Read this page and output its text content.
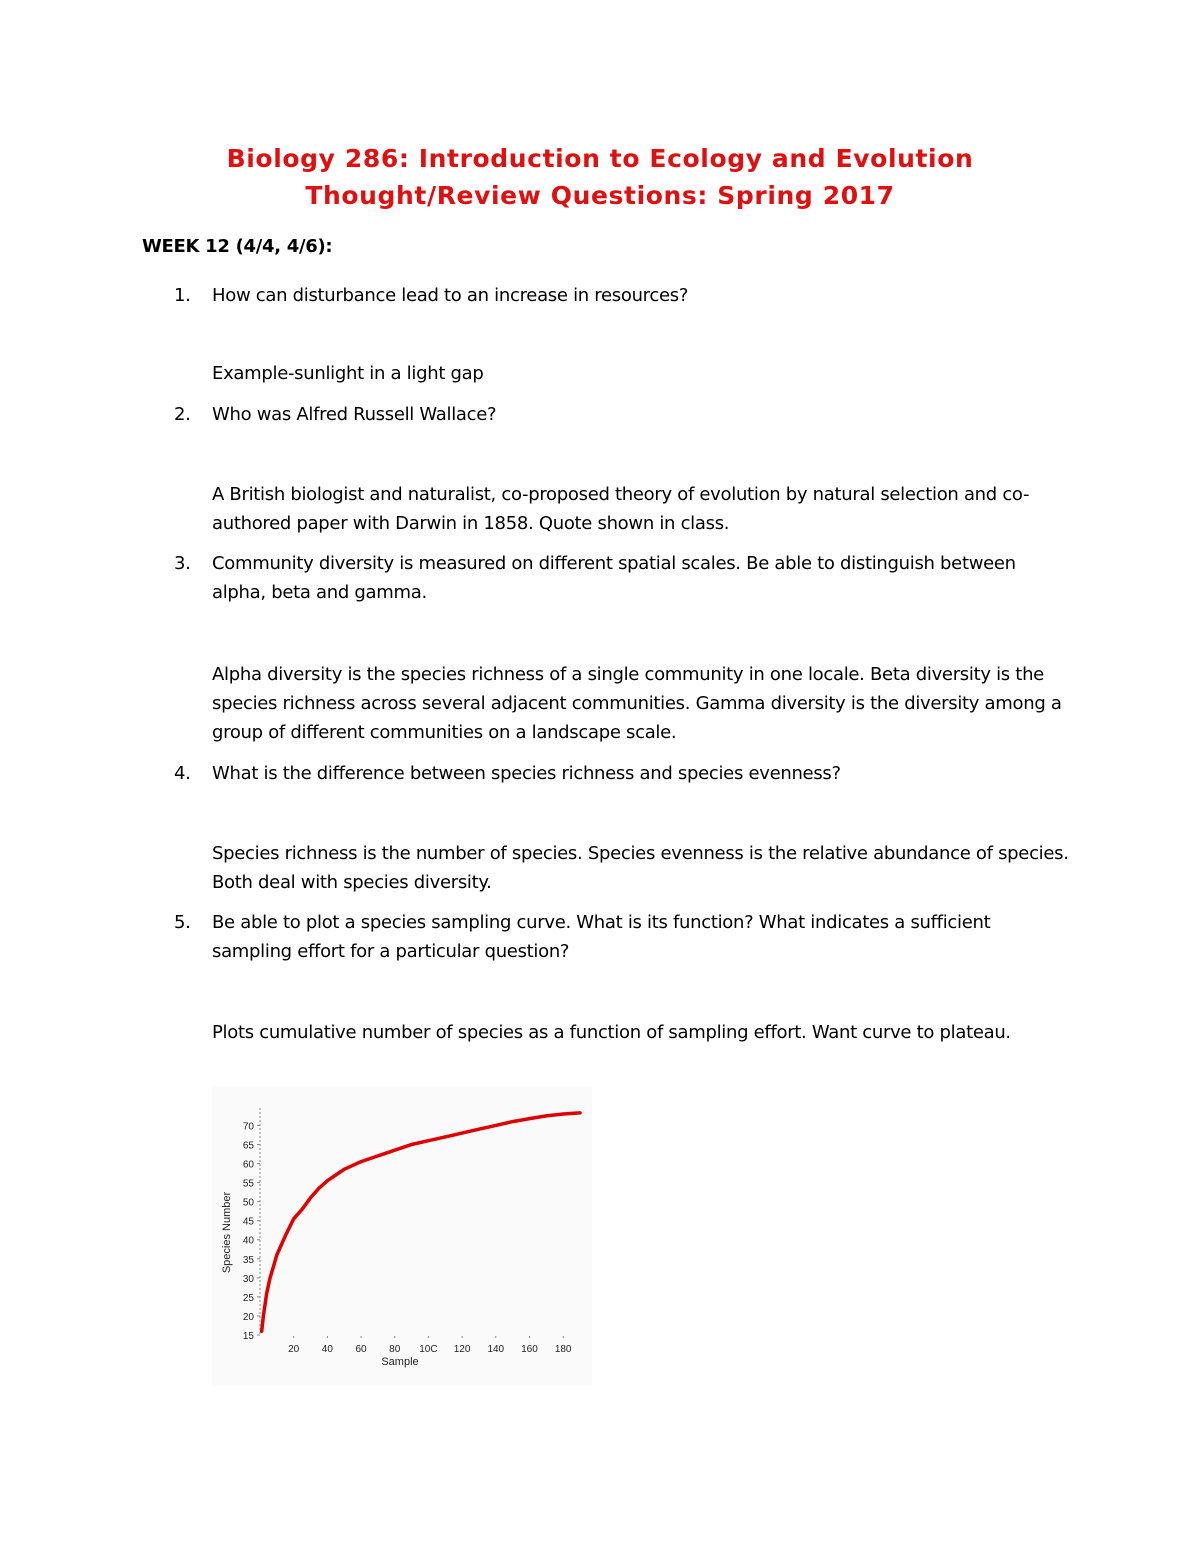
Biology 286: Introduction to Ecology and Evolution
Thought/Review Questions: Spring 2017
WEEK 12 (4/4, 4/6):
1. How can disturbance lead to an increase in resources?
Example-sunlight in a light gap
2. Who was Alfred Russell Wallace?
A British biologist and naturalist, co-proposed theory of evolution by natural selection and co-authored paper with Darwin in 1858. Quote shown in class.
3. Community diversity is measured on different spatial scales. Be able to distinguish between alpha, beta and gamma.
Alpha diversity is the species richness of a single community in one locale. Beta diversity is the species richness across several adjacent communities. Gamma diversity is the diversity among a group of different communities on a landscape scale.
4. What is the difference between species richness and species evenness?
Species richness is the number of species. Species evenness is the relative abundance of species. Both deal with species diversity.
5. Be able to plot a species sampling curve. What is its function? What indicates a sufficient sampling effort for a particular question?
Plots cumulative number of species as a function of sampling effort. Want curve to plateau.
15
20
25
30
35
40
45
50
55
60
65
70
20 40 60 80 10C 120 140 160 180
Sample
Species Number
